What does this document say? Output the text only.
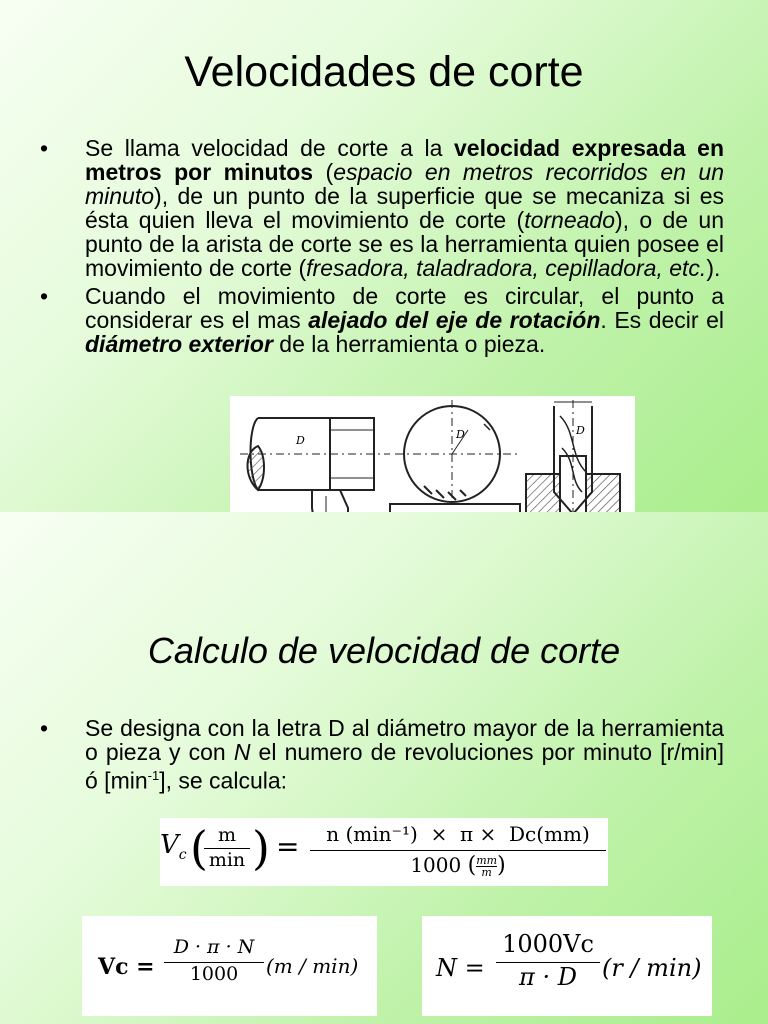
Velocidades de corte
•	Se llama velocidad de corte a la velocidad expresada en metros por minutos (espacio en metros recorridos en un minuto), de un punto de la superficie que se mecaniza si es ésta quien lleva el movimiento de corte (torneado), o de un punto de la arista de corte se es la herramienta quien posee el movimiento de corte (fresadora, taladradora, cepilladora, etc.).
•	Cuando el movimiento de corte es circular, el punto a considerar es el mas alejado del eje de rotación. Es decir el diámetro exterior de la herramienta o pieza.
D	D	D
Calculo de velocidad de corte
•	Se designa con la letra D al diámetro mayor de la herramienta o pieza y con N el numero de revoluciones por minuto [r/min] ó $[\min^{-1}]$, se calcula:
$V_c$ ( m
min ) =	n (min⁻¹)  ×  π ×  Dc(mm)
1000 ( $\frac{mm}{m}$ )
Vc =
D · π · N
1000	(m / min)	N =
1000Vc
π · D	(r / min)
